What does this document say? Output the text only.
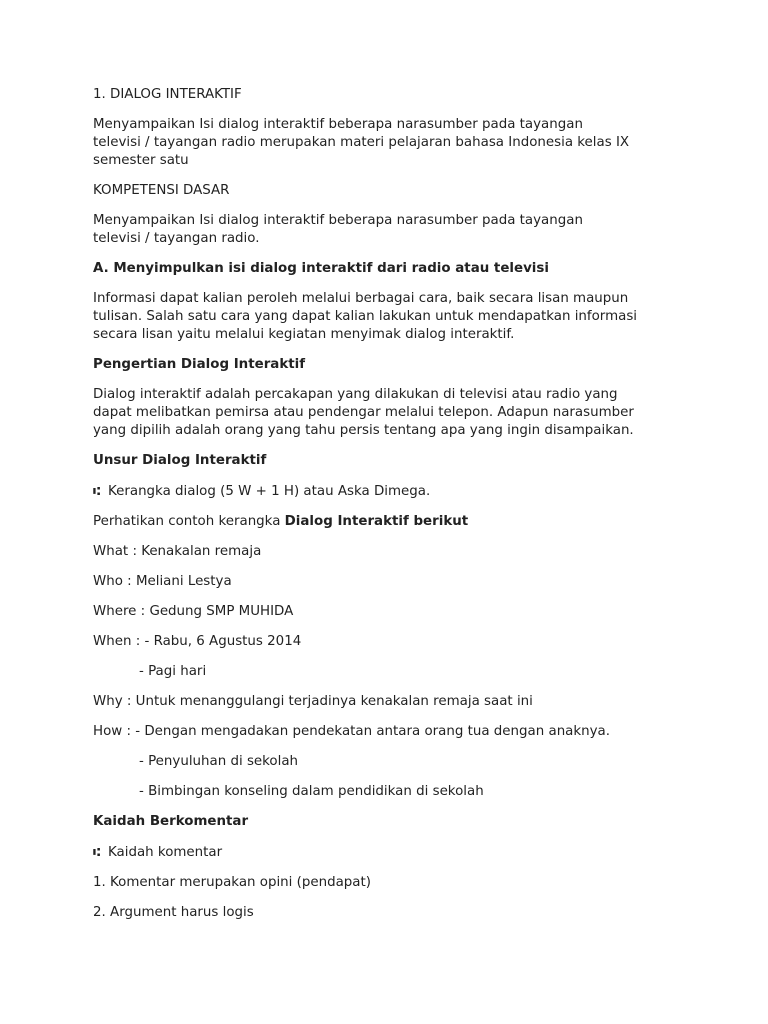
1. DIALOG INTERAKTIF
Menyampaikan Isi dialog interaktif beberapa narasumber pada tayangan
televisi / tayangan radio merupakan materi pelajaran bahasa Indonesia kelas IX
semester satu
KOMPETENSI DASAR
Menyampaikan Isi dialog interaktif beberapa narasumber pada tayangan
televisi / tayangan radio.
A. Menyimpulkan isi dialog interaktif dari radio atau televisi
Informasi dapat kalian peroleh melalui berbagai cara, baik secara lisan maupun
tulisan. Salah satu cara yang dapat kalian lakukan untuk mendapatkan informasi
secara lisan yaitu melalui kegiatan menyimak dialog interaktif.
Pengertian Dialog Interaktif
Dialog interaktif adalah percakapan yang dilakukan di televisi atau radio yang
dapat melibatkan pemirsa atau pendengar melalui telepon. Adapun narasumber
yang dipilih adalah orang yang tahu persis tentang apa yang ingin disampaikan.
Unsur Dialog Interaktif
⑆ Kerangka dialog (5 W + 1 H) atau Aska Dimega.
Perhatikan contoh kerangka Dialog Interaktif berikut
What : Kenakalan remaja
Who : Meliani Lestya
Where : Gedung SMP MUHIDA
When : - Rabu, 6 Agustus 2014
- Pagi hari
Why : Untuk menanggulangi terjadinya kenakalan remaja saat ini
How : - Dengan mengadakan pendekatan antara orang tua dengan anaknya.
- Penyuluhan di sekolah
- Bimbingan konseling dalam pendidikan di sekolah
Kaidah Berkomentar
⑆ Kaidah komentar
1. Komentar merupakan opini (pendapat)
2. Argument harus logis
